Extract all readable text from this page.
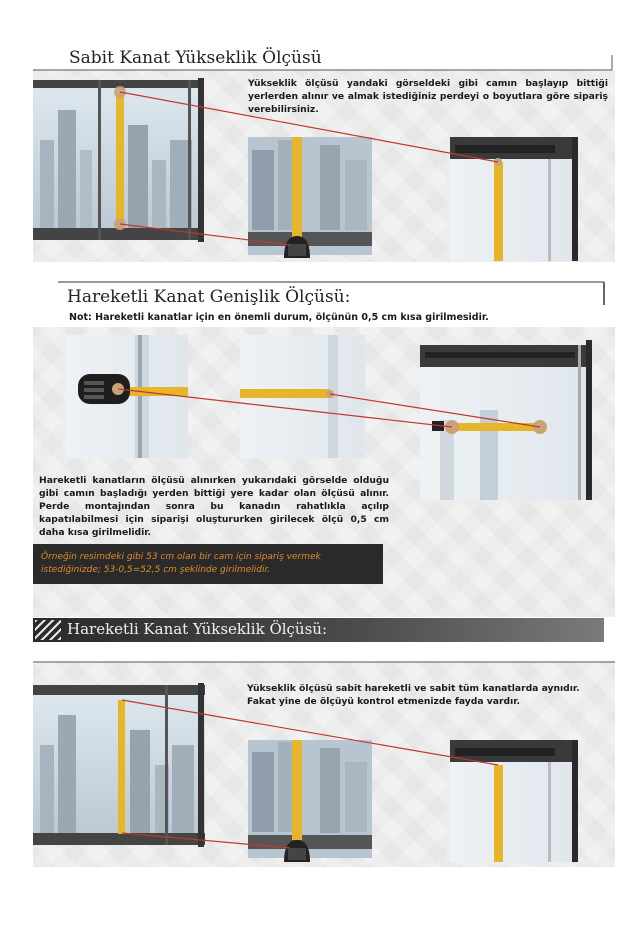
Sabit Kanat Yükseklik Ölçüsü
Yükseklik ölçüsü yandaki görseldeki gibi camın başlayıp bittiği yerlerden alınır ve almak istediğiniz perdeyi o boyutlara göre sipariş verebilirsiniz.
Hareketli Kanat Genişlik Ölçüsü:
Not: Hareketli kanatlar için en önemli durum, ölçünün 0,5 cm kısa girilmesidir.
Hareketli kanatların ölçüsü alınırken yukarıdaki görselde olduğu gibi camın başladığı yerden bittiği yere kadar olan ölçüsü alınır. Perde montajından sonra bu kanadın rahatlıkla açılıp kapatılabilmesi için siparişi oluştururken girilecek ölçü 0,5 cm daha kısa girilmelidir.
Örneğin resimdeki gibi 53 cm olan bir cam için sipariş vermek istediğinizde; 53-0,5=52,5 cm şeklinde girilmelidir.
Hareketli Kanat Yükseklik Ölçüsü:
Yükseklik ölçüsü sabit hareketli ve sabit tüm kanatlarda aynıdır. Fakat yine de ölçüyü kontrol etmenizde fayda vardır.
